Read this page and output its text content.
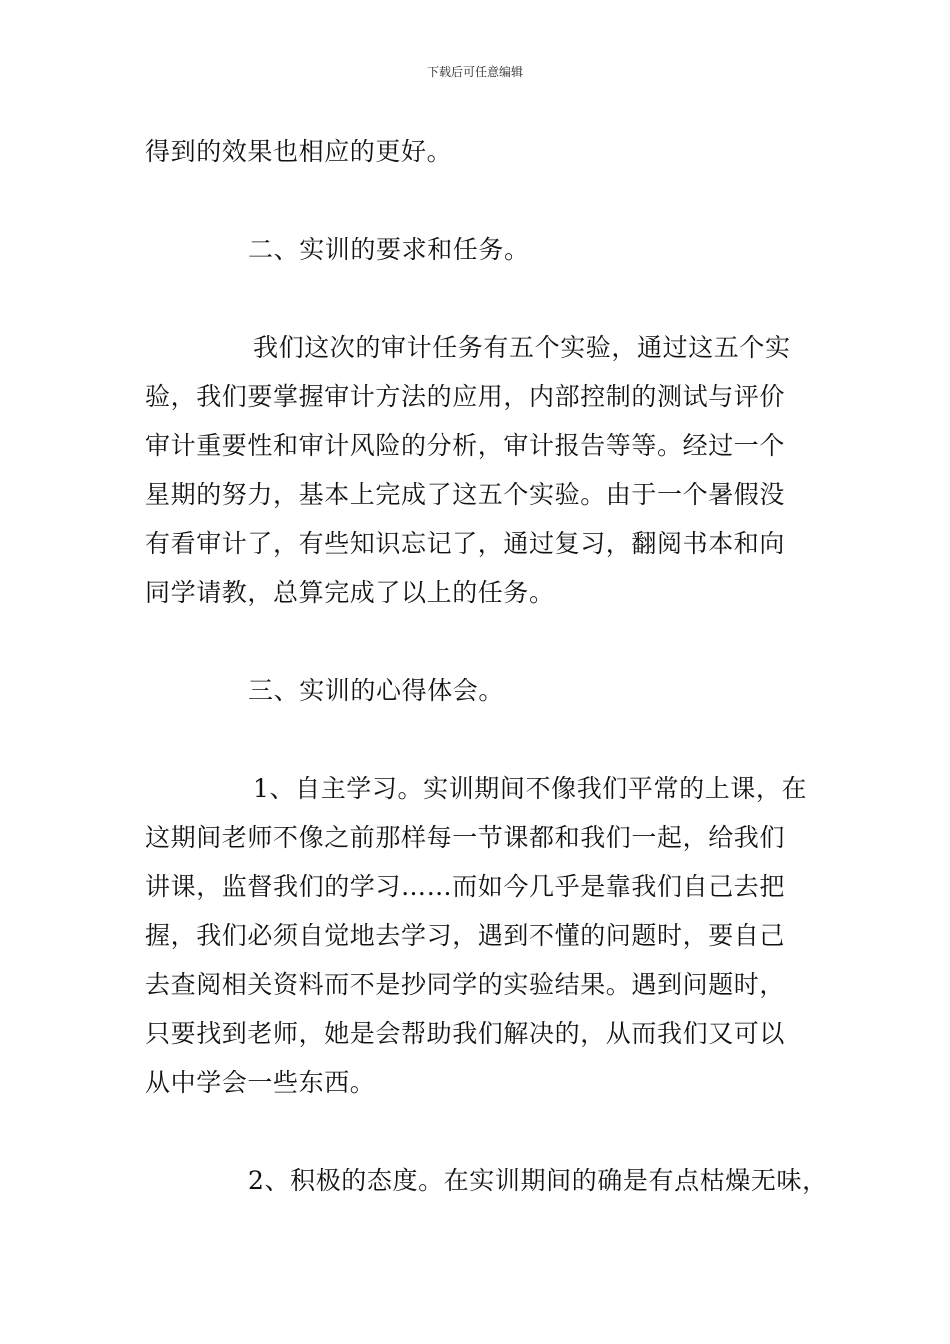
下载后可任意编辑
得到的效果也相应的更好。
二、实训的要求和任务。
我们这次的审计任务有五个实验，通过这五个实
验，我们要掌握审计方法的应用，内部控制的测试与评价
审计重要性和审计风险的分析，审计报告等等。经过一个
星期的努力，基本上完成了这五个实验。由于一个暑假没
有看审计了，有些知识忘记了，通过复习，翻阅书本和向
同学请教，总算完成了以上的任务。
三、实训的心得体会。
1、自主学习。实训期间不像我们平常的上课，在
这期间老师不像之前那样每一节课都和我们一起，给我们
讲课，监督我们的学习……而如今几乎是靠我们自己去把
握，我们必须自觉地去学习，遇到不懂的问题时，要自己
去查阅相关资料而不是抄同学的实验结果。遇到问题时，
只要找到老师，她是会帮助我们解决的，从而我们又可以
从中学会一些东西。
2、积极的态度。在实训期间的确是有点枯燥无味，
